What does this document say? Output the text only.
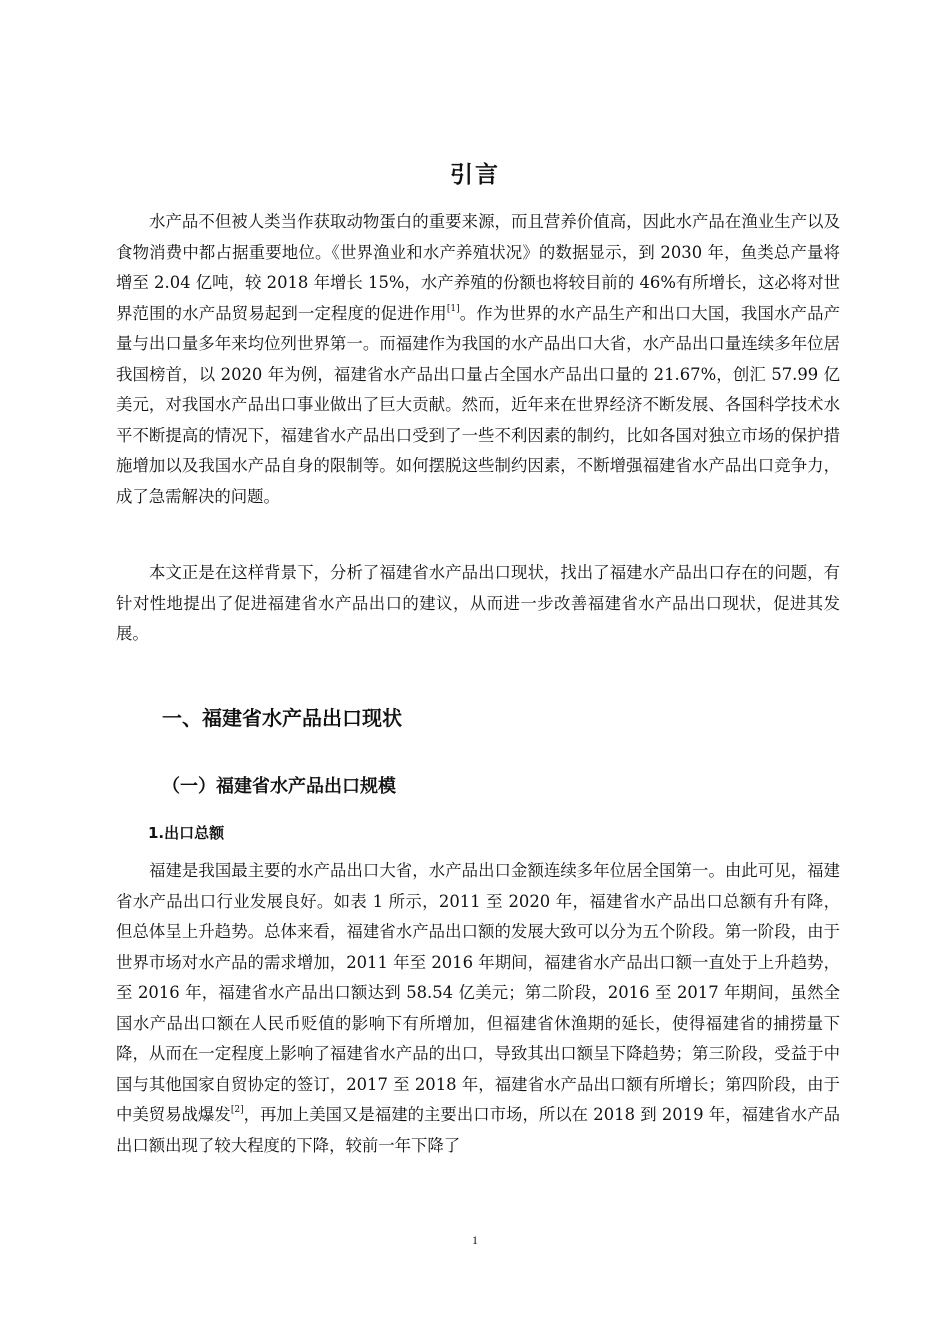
引言

水产品不但被人类当作获取动物蛋白的重要来源，而且营养价值高，因此水产品在渔业生产以及食物消费中都占据重要地位。《世界渔业和水产养殖状况》的数据显示，到 2030 年，鱼类总产量将增至 2.04 亿吨，较 2018 年增长 15%，水产养殖的份额也将较目前的 46%有所增长，这必将对世界范围的水产品贸易起到一定程度的促进作用[1]。作为世界的水产品生产和出口大国，我国水产品产量与出口量多年来均位列世界第一。而福建作为我国的水产品出口大省，水产品出口量连续多年位居我国榜首，以 2020 年为例，福建省水产品出口量占全国水产品出口量的 21.67%，创汇 57.99 亿美元，对我国水产品出口事业做出了巨大贡献。然而，近年来在世界经济不断发展、各国科学技术水平不断提高的情况下，福建省水产品出口受到了一些不利因素的制约，比如各国对独立市场的保护措施增加以及我国水产品自身的限制等。如何摆脱这些制约因素，不断增强福建省水产品出口竞争力，成了急需解决的问题。

本文正是在这样背景下，分析了福建省水产品出口现状，找出了福建水产品出口存在的问题，有针对性地提出了促进福建省水产品出口的建议，从而进一步改善福建省水产品出口现状，促进其发展。

一、福建省水产品出口现状
（一）福建省水产品出口规模
1.出口总额

福建是我国最主要的水产品出口大省，水产品出口金额连续多年位居全国第一。由此可见，福建省水产品出口行业发展良好。如表 1 所示，2011 至 2020 年，福建省水产品出口总额有升有降，但总体呈上升趋势。总体来看，福建省水产品出口额的发展大致可以分为五个阶段。第一阶段，由于世界市场对水产品的需求增加，2011 年至 2016 年期间，福建省水产品出口额一直处于上升趋势，至 2016 年，福建省水产品出口额达到 58.54 亿美元；第二阶段，2016 至 2017 年期间，虽然全国水产品出口额在人民币贬值的影响下有所增加，但福建省休渔期的延长，使得福建省的捕捞量下降，从而在一定程度上影响了福建省水产品的出口，导致其出口额呈下降趋势；第三阶段，受益于中国与其他国家自贸协定的签订，2017 至 2018 年，福建省水产品出口额有所增长；第四阶段，由于中美贸易战爆发[2]，再加上美国又是福建的主要出口市场，所以在 2018 到 2019 年，福建省水产品出口额出现了较大程度的下降，较前一年下降了

1
